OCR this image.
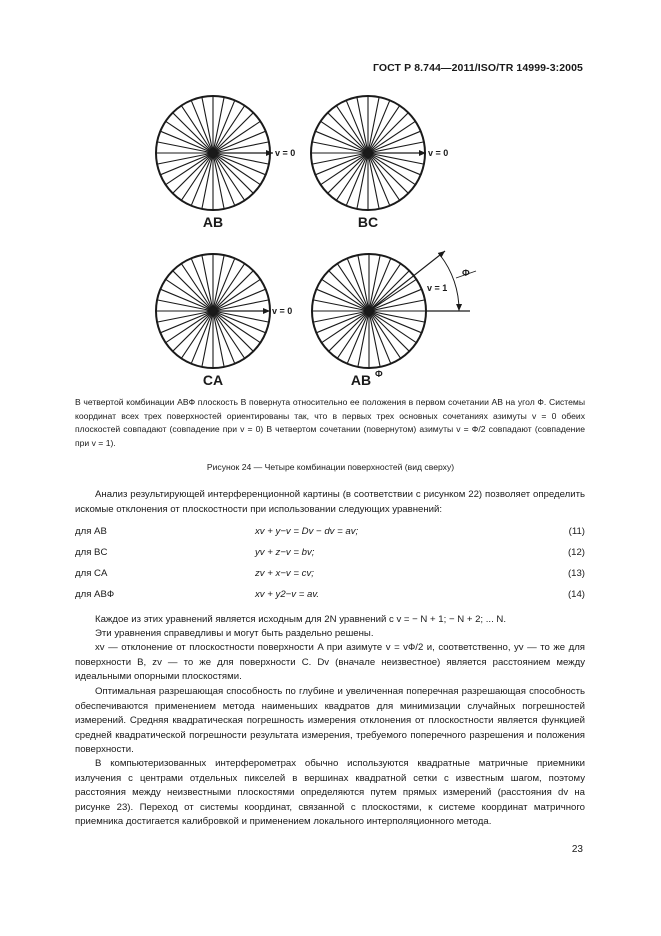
ГОСТ Р 8.744—2011/ISO/TR 14999-3:2005
v = 0
AB
v = 0
BC
v = 0
CA
v = 1
Ф
AB Ф
В четвертой комбинации ABФ плоскость B повернута относительно ее положения в первом сочетании AB на угол Ф. Системы координат всех трех поверхностей ориентированы так, что в первых трех основных сочетаниях азимуты v = 0 обеих плоскостей совпадают (совпадение при v = 0) В четвертом сочетании (повернутом) азимуты v = Ф/2 совпадают (совпадение при v = 1).
Рисунок 24 — Четыре комбинации поверхностей (вид сверху)
Анализ результирующей интерференционной картины (в соответствии с рисунком 22) позволяет определить искомые отклонения от плоскостности при использовании следующих уравнений:
для AB	xv + y−v = Dv − dv = av;	(11)
для BC	yv + z−v = bv;	(12)
для CA	zv + x−v = cv;	(13)
для ABФ	xv + y2−v = av.	(14)
Каждое из этих уравнений является исходным для 2N уравнений с v = − N + 1; − N + 2; ... N.
Эти уравнения справедливы и могут быть раздельно решены.
xv — отклонение от плоскостности поверхности A при азимуте v = vФ/2 и, соответственно, yv — то же для поверхности B, zv — то же для поверхности C. Dv (вначале неизвестное) является расстоянием между идеальными опорными плоскостями.
Оптимальная разрешающая способность по глубине и увеличенная поперечная разрешающая способность обеспечиваются применением метода наименьших квадратов для минимизации случайных погрешностей измерений. Средняя квадратическая погрешность измерения отклонения от плоскостности является функцией средней квадратической погрешности результата измерения, требуемого поперечного разрешения и положения поверхности.
В компьютеризованных интерферометрах обычно используются квадратные матричные приемники излучения с центрами отдельных пикселей в вершинах квадратной сетки с известным шагом, поэтому расстояния между неизвестными плоскостями определяются путем прямых измерений (расстояния dv на рисунке 23). Переход от системы координат, связанной с плоскостями, к системе координат матричного приемника достигается калибровкой и применением локального интерполяционного метода.
23
